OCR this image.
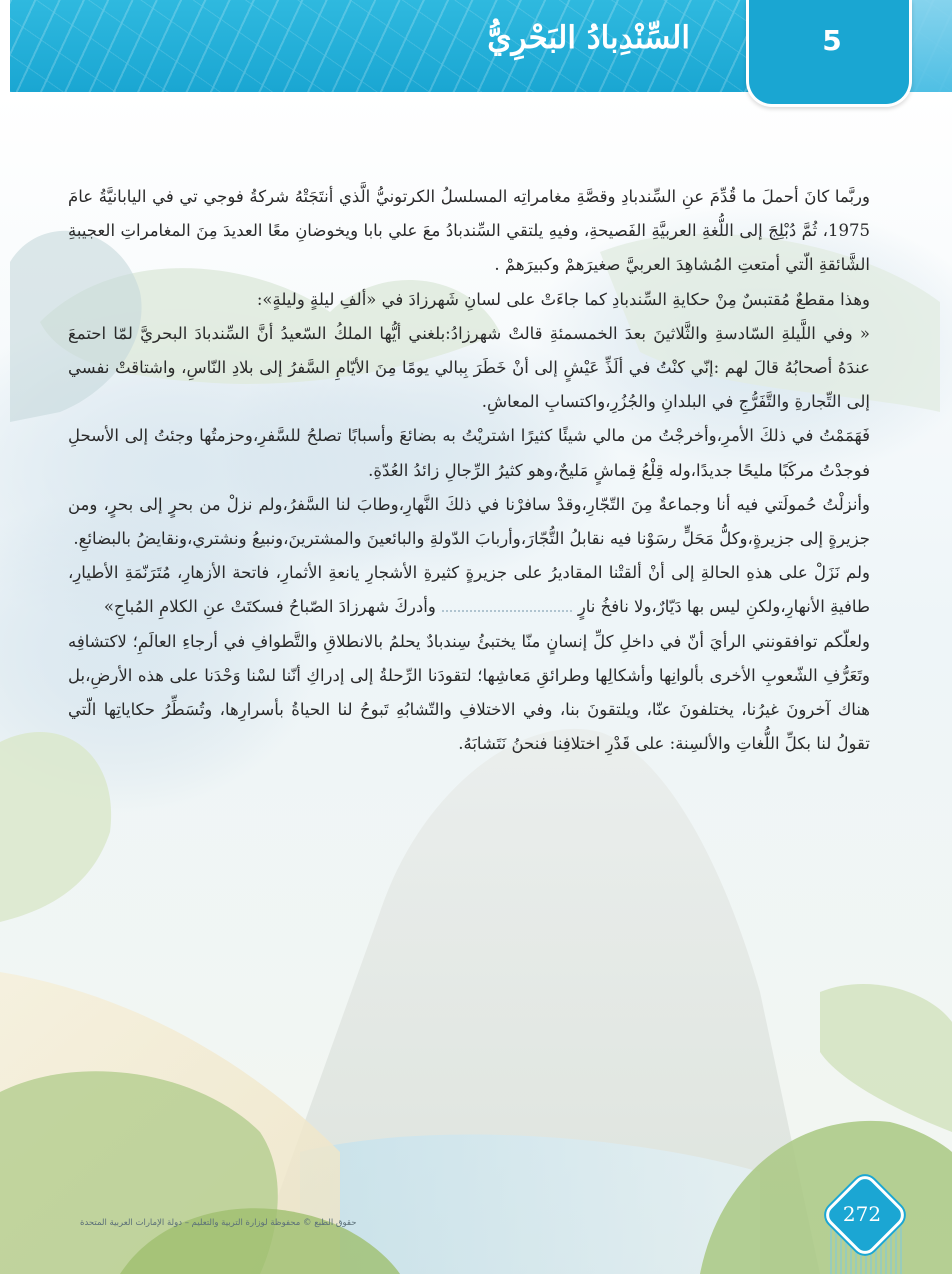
السِّنْدِبادُ البَحْرِيُّ	5

وربَّما كانَ أحملَ ما قُدِّمَ عنِ السِّندبادِ وقصَّةِ مغامراتِه المسلسلُ الكرتونيُّ الَّذي أنتَجَتْهُ شركةُ فوجي تي في اليابانيَّةُ عامَ 1975، ثُمَّ دُبْلِجَ إلى اللُّغةِ العربيَّةِ الفَصيحةِ، وفيهِ يلتقي السِّندبادُ معَ علي بابا ويخوضانِ معًا العديدَ مِنَ المغامراتِ العجيبةِ الشَّائقةِ الّتي أمتعتِ المُشاهِدَ العربيَّ صغيرَهمْ وكبيرَهمْ .

وهذا مقطعٌ مُقتبسٌ مِنْ حكايةِ السِّندبادِ كما جاءَتْ على لسانِ شَهرزادَ في «ألفِ ليلةٍ وليلةٍ»:

« وفي اللَّيلةِ السّادسةِ والثَّلاثينَ بعدَ الخمسمئةِ قالتْ شهرزادُ:بلغني أيُّها الملكُ السّعيدُ أنَّ السِّندبادَ البحريَّ لمّا احتمعَ عندَهُ أصحابُهُ قالَ لهم :إنّي كنْتُ في ألَذِّ عَيْشٍ إلى أنْ خَطَرَ بِبالي يومًا مِنَ الأيّامِ السَّفرُ إلى بلادِ النّاسِ، واشتاقتْ نفسي إلى التِّجارةِ والتَّفَرُّجِ في البلدانِ والجُزُرِ،واكتسابِ المعاشِ.

فَهَمَمْتُ في ذلكَ الأمرِ،وأخرجْتُ من مالي شيئًا كثيرًا اشتريْتُ به بضائعَ وأسبابًا تصلحُ للسَّفرِ،وحزمتُها وجئتُ إلى الأسحلِ فوجدْتُ مركَبًا مليحًا جديدًا،وله قِلْعُ قِماشٍ مَليحٌ،وهو كثيرُ الرِّجالِ زائدُ العُدّةِ.

وأنزلْتُ حُمولَتي فيه أنا وجماعةٌ مِنَ التّجّارِ،وقدْ سافرْنا في ذلكَ النَّهارِ،وطابَ لنا السَّفرُ،ولم نزلْ من بحرٍ إلى بحرٍ، ومن جزيرةٍ إلى جزيرةٍ،وكلُّ مَحَلٍّ رسَوْنا فيه نقابلُ التُّجّارَ،وأربابَ الدّولةِ والبائعينَ والمشترينَ،ونبيعُ ونشتري،ونقايضُ بالبضائعِ.

ولم نَزَلْ على هذهِ الحالةِ إلى أنْ ألقتْنا المقاديرُ على جزيرةٍ كثيرةِ الأشجارِ يانعةِ الأثمارِ، فاتحة الأزهارِ، مُتَرَنّمَةِ الأطيارِ، طافيةِ الأنهارِ،ولكنِ ليس بها دَيّارٌ،ولا نافخُ نارٍوأدركَ شهرزادَ الصّباحُ فسكتَتْ عنِ الكلامِ المُباحِ»

ولعلّكم توافقونني الرأيَ أنّ في داخلِ كلِّ إنسانٍ منّا يختبئُ سِندبادٌ يحلمُ بالانطلاقِ والتَّطوافِ في أرجاءِ العالَمِ؛ لاكتشافِه وتَعَرُّفِ الشّعوبِ الأخرى بألوانِها وأشكالِها وطرائقِ مَعاشِها؛ لتقودَنا الرِّحلةُ إلى إدراكِ أنّنا لسْنا وَحْدَنا على هذه الأرضِ،بل هناك آخرونَ غيرُنا، يختلفونَ عنّا، ويلتقونَ بنا، وفي الاختلافِ والتّشابُهِ تَبوحُ لنا الحياةُ بأسرارِها، وتُسَطِّرُ حكاياتِها الّتي تقولُ لنا بكلِّ اللُّغاتِ والألسِنة: على قَدْرِ اختلافِنا فنحنُ نَتَشابَهُ.

حقوق الطبع © محفوظة لوزارة التربية والتعليم – دولة الإمارات العربية المتحدة	272
